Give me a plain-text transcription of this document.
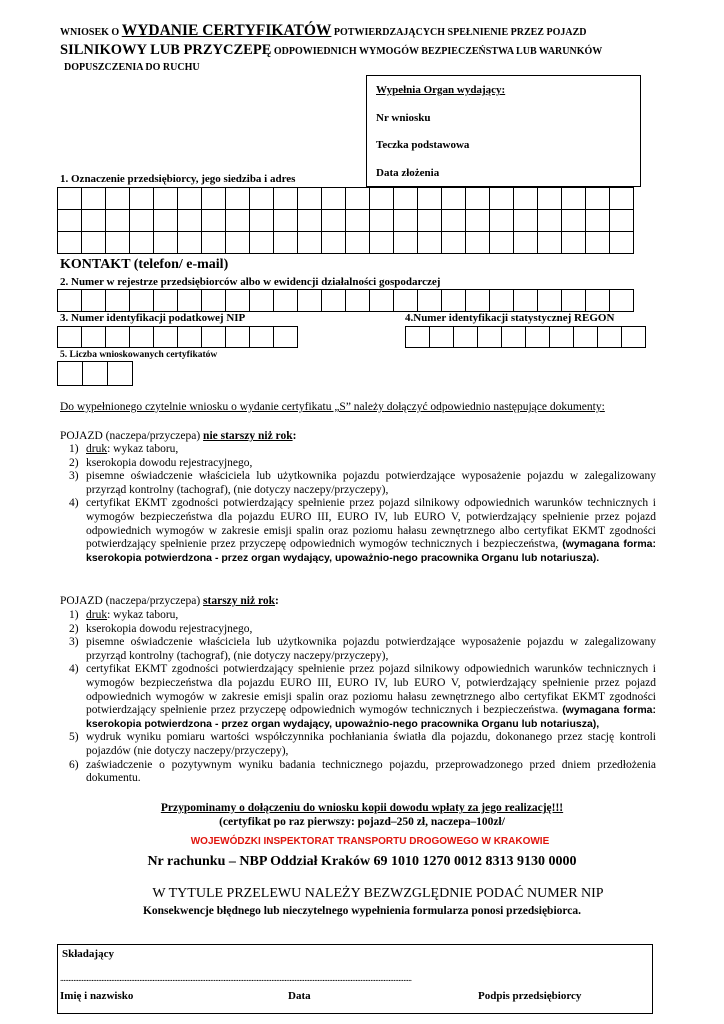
WNIOSEK O WYDANIE CERTYFIKATÓW POTWIERDZAJĄCYCH SPEŁNIENIE PRZEZ POJAZD
SILNIKOWY LUB PRZYCZEPĘ ODPOWIEDNICH WYMOGÓW BEZPIECZEŃSTWA LUB WARUNKÓW
DOPUSZCZENIA DO RUCHU
Wypełnia Organ wydający:
Nr wniosku
Teczka podstawowa
Data złożenia
1. Oznaczenie przedsiębiorcy, jego siedziba i adres
KONTAKT (telefon/ e-mail)
2. Numer w rejestrze przedsiębiorców albo w ewidencji działalności gospodarczej
3. Numer identyfikacji podatkowej NIP	4.Numer identyfikacji statystycznej REGON
5. Liczba wnioskowanych certyfikatów
Do wypełnionego czytelnie wniosku o wydanie certyfikatu „S” należy dołączyć odpowiednio następujące dokumenty:
POJAZD (naczepa/przyczepa) nie starszy niż rok:
1) druk: wykaz taboru,
2) kserokopia dowodu rejestracyjnego,
3) pisemne oświadczenie właściciela lub użytkownika pojazdu potwierdzające wyposażenie pojazdu w zalegalizowany przyrząd kontrolny (tachograf), (nie dotyczy naczepy/przyczepy),
4) certyfikat EKMT zgodności potwierdzający spełnienie przez pojazd silnikowy odpowiednich warunków technicznych i wymogów bezpieczeństwa dla pojazdu EURO III, EURO IV, lub EURO V, potwierdzający spełnienie przez pojazd odpowiednich wymogów w zakresie emisji spalin oraz poziomu hałasu zewnętrznego albo certyfikat EKMT zgodności potwierdzający spełnienie przez przyczepę odpowiednich wymogów technicznych i bezpieczeństwa, (wymagana forma: kserokopia potwierdzona - przez organ wydający, upoważnio-nego pracownika Organu lub notariusza).
POJAZD (naczepa/przyczepa) starszy niż rok:
1) druk: wykaz taboru,
2) kserokopia dowodu rejestracyjnego,
3) pisemne oświadczenie właściciela lub użytkownika pojazdu potwierdzające wyposażenie pojazdu w zalegalizowany przyrząd kontrolny (tachograf), (nie dotyczy naczepy/przyczepy),
4) certyfikat EKMT zgodności potwierdzający spełnienie przez pojazd silnikowy odpowiednich warunków technicznych i wymogów bezpieczeństwa dla pojazdu EURO III, EURO IV, lub EURO V, potwierdzający spełnienie przez pojazd odpowiednich wymogów w zakresie emisji spalin oraz poziomu hałasu zewnętrznego albo certyfikat EKMT zgodności potwierdzający spełnienie przez przyczepę odpowiednich wymogów technicznych i bezpieczeństwa. (wymagana forma: kserokopia potwierdzona - przez organ wydający, upoważnio-nego pracownika Organu lub notariusza),
5) wydruk wyniku pomiaru wartości współczynnika pochłaniania światła dla pojazdu, dokonanego przez stację kontroli pojazdów (nie dotyczy naczepy/przyczepy),
6) zaświadczenie o pozytywnym wyniku badania technicznego pojazdu, przeprowadzonego przed dniem przedłożenia dokumentu.
Przypominamy o dołączeniu do wniosku kopii dowodu wpłaty za jego realizację!!!
(certyfikat po raz pierwszy: pojazd–250 zł, naczepa–100zł/
WOJEWÓDZKI INSPEKTORAT TRANSPORTU DROGOWEGO W KRAKOWIE
Nr rachunku – NBP Oddział Kraków 69 1010 1270 0012 8313 9130 0000
W TYTULE PRZELEWU NALEŻY BEZWZGLĘDNIE PODAĆ NUMER NIP
Konsekwencje błędnego lub nieczytelnego wypełnienia formularza ponosi przedsiębiorca.
Składający
.....................................................................................................................................................................................................................
Imię i nazwisko	Data	Podpis przedsiębiorcy
